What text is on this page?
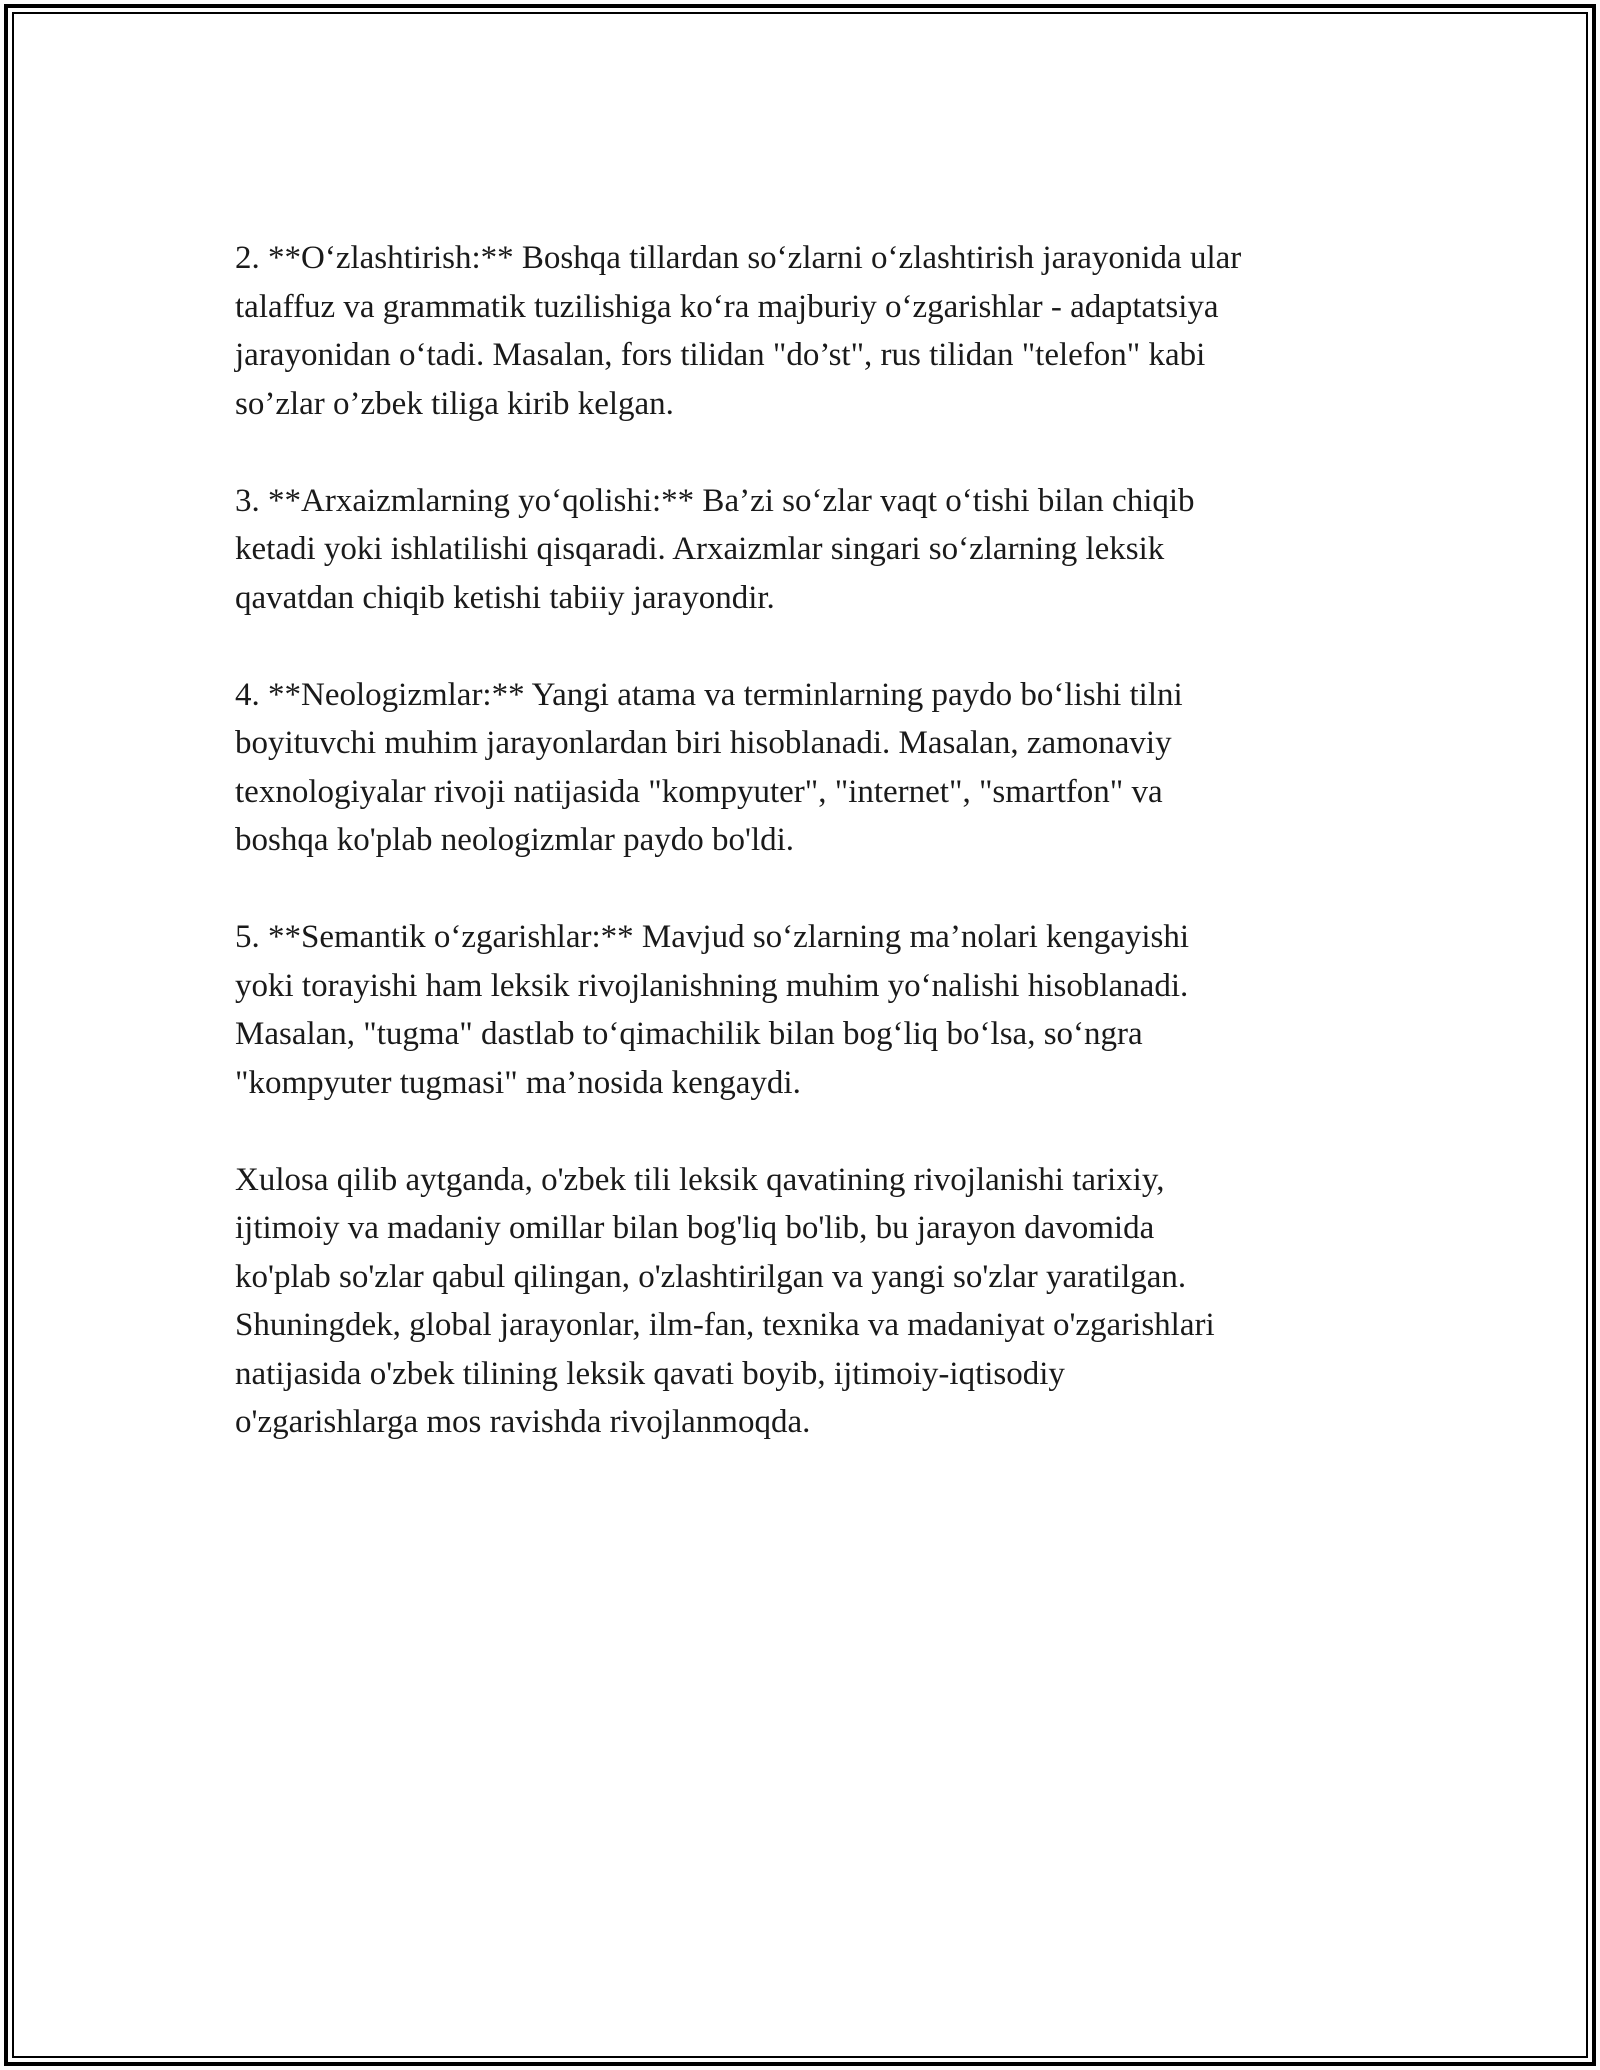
2. **O‘zlashtirish:** Boshqa tillardan so‘zlarni o‘zlashtirish jarayonida ular
talaffuz va grammatik tuzilishiga ko‘ra majburiy o‘zgarishlar - adaptatsiya
jarayonidan o‘tadi. Masalan, fors tilidan "do’st", rus tilidan "telefon" kabi
so’zlar o’zbek tiliga kirib kelgan.

3. **Arxaizmlarning yo‘qolishi:** Ba’zi so‘zlar vaqt o‘tishi bilan chiqib
ketadi yoki ishlatilishi qisqaradi. Arxaizmlar singari so‘zlarning leksik
qavatdan chiqib ketishi tabiiy jarayondir.

4. **Neologizmlar:** Yangi atama va terminlarning paydo bo‘lishi tilni
boyituvchi muhim jarayonlardan biri hisoblanadi. Masalan, zamonaviy
texnologiyalar rivoji natijasida "kompyuter", "internet", "smartfon" va
boshqa ko'plab neologizmlar paydo bo'ldi.

5. **Semantik o‘zgarishlar:** Mavjud so‘zlarning ma’nolari kengayishi
yoki torayishi ham leksik rivojlanishning muhim yo‘nalishi hisoblanadi.
Masalan, "tugma" dastlab to‘qimachilik bilan bog‘liq bo‘lsa, so‘ngra
"kompyuter tugmasi" ma’nosida kengaydi.

Xulosa qilib aytganda, o'zbek tili leksik qavatining rivojlanishi tarixiy,
ijtimoiy va madaniy omillar bilan bog'liq bo'lib, bu jarayon davomida
ko'plab so'zlar qabul qilingan, o'zlashtirilgan va yangi so'zlar yaratilgan.
Shuningdek, global jarayonlar, ilm-fan, texnika va madaniyat o'zgarishlari
natijasida o'zbek tilining leksik qavati boyib, ijtimoiy-iqtisodiy
o'zgarishlarga mos ravishda rivojlanmoqda.
